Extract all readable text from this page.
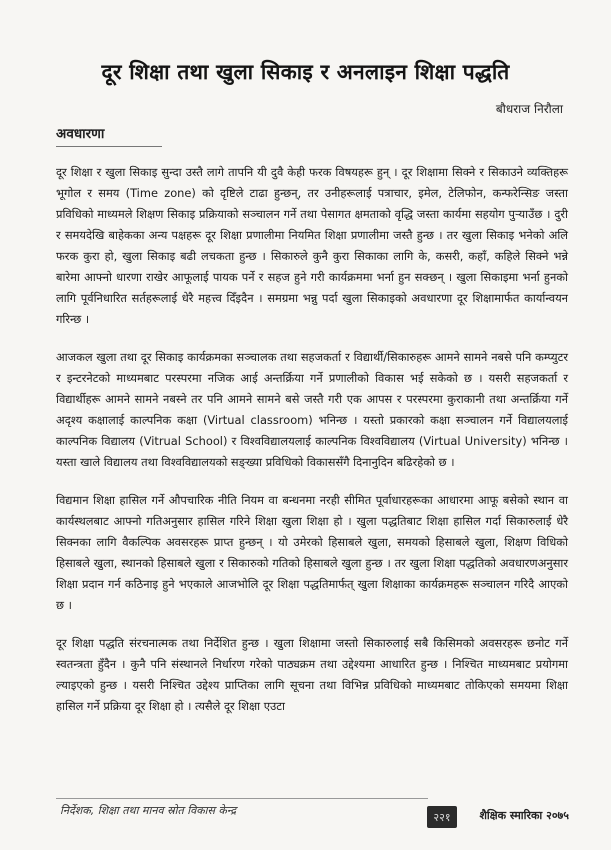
दूर शिक्षा तथा खुला सिकाइ र अनलाइन शिक्षा पद्धति
बौधराज निरौला
अवधारणा

दूर शिक्षा र खुला सिकाइ सुन्दा उस्तै लागे तापनि यी दुवै केही फरक विषयहरू हुन् । दूर शिक्षामा सिक्ने र सिकाउने व्यक्तिहरू भूगोल र समय (Time zone) को दृष्टिले टाढा हुन्छन्, तर उनीहरूलाई पत्राचार, इमेल, टेलिफोन, कन्फरेन्सिङ जस्ता प्रविधिको माध्यमले शिक्षण सिकाइ प्रक्रियाको सञ्चालन गर्ने तथा पेसागत क्षमताको वृद्धि जस्ता कार्यमा सहयोग पुऱ्याउँछ । दुरी र समयदेखि बाहेकका अन्य पक्षहरू दूर शिक्षा प्रणालीमा नियमित शिक्षा प्रणालीमा जस्तै हुन्छ । तर खुला सिकाइ भनेको अलि फरक कुरा हो, खुला सिकाइ बढी लचकता हुन्छ । सिकारुले कुनै कुरा सिकाका लागि के, कसरी, कहाँ, कहिले सिक्ने भन्ने बारेमा आफ्नो धारणा राखेर आफूलाई पायक पर्ने र सहज हुने गरी कार्यक्रममा भर्ना हुन सक्छन् । खुला सिकाइमा भर्ना हुनको लागि पूर्वनिधारित सर्तहरूलाई धेरै महत्त्व दिँइदैन । समग्रमा भन्नु पर्दा खुला सिकाइको अवधारणा दूर शिक्षामार्फत कार्यान्वयन गरिन्छ ।

आजकल खुला तथा दूर सिकाइ कार्यक्रमका सञ्चालक तथा सहजकर्ता र विद्यार्थी/सिकारुहरू आमने सामने नबसे पनि कम्प्युटर र इन्टरनेटको माध्यमबाट परस्परमा नजिक आई अन्तर्क्रिया गर्ने प्रणालीको विकास भई सकेको छ । यसरी सहजकर्ता र विद्यार्थीहरू आमने सामने नबस्ने तर पनि आमने सामने बसे जस्तै गरी एक आपस र परस्परमा कुराकानी तथा अन्तर्क्रिया गर्ने अदृश्य कक्षालाई काल्पनिक कक्षा (Virtual classroom) भनिन्छ । यस्तो प्रकारको कक्षा सञ्चालन गर्ने विद्यालयलाई काल्पनिक विद्यालय (Vitrual School) र विश्वविद्यालयलाई काल्पनिक विश्वविद्यालय (Virtual University) भनिन्छ । यस्ता खाले विद्यालय तथा विश्वविद्यालयको सङ्ख्या प्रविधिको विकाससँगै दिनानुदिन बढिरहेको छ ।

विद्यमान शिक्षा हासिल गर्ने औपचारिक नीति नियम वा बन्धनमा नरही सीमित पूर्वाधारहरूका आधारमा आफू बसेको स्थान वा कार्यस्थलबाट आफ्नो गतिअनुसार हासिल गरिने शिक्षा खुला शिक्षा हो । खुला पद्धतिबाट शिक्षा हासिल गर्दा सिकारुलाई धेरै सिक्नका लागि वैकल्पिक अवसरहरू प्राप्त हुन्छन् । यो उमेरको हिसाबले खुला, समयको हिसाबले खुला, शिक्षण विधिको हिसाबले खुला, स्थानको हिसाबले खुला र सिकारुको गतिको हिसाबले खुला हुन्छ । तर खुला शिक्षा पद्धतिको अवधारणअनुसार शिक्षा प्रदान गर्न कठिनाइ हुने भएकाले आजभोलि दूर शिक्षा पद्धतिमार्फत् खुला शिक्षाका कार्यक्रमहरू सञ्चालन गरिदै आएको छ ।

दूर शिक्षा पद्धति संरचनात्मक तथा निर्देशित हुन्छ । खुला शिक्षामा जस्तो सिकारुलाई सबै किसिमको अवसरहरू छनोट गर्ने स्वतन्त्रता हुँदैन । कुनै पनि संस्थानले निर्धारण गरेको पाठ्यक्रम तथा उद्देश्यमा आधारित हुन्छ । निश्चित माध्यमबाट प्रयोगमा ल्याइएको हुन्छ । यसरी निश्चित उद्देश्य प्राप्तिका लागि सूचना तथा विभिन्न प्रविधिको माध्यमबाट तोकिएको समयमा शिक्षा हासिल गर्ने प्रक्रिया दूर शिक्षा हो । त्यसैले दूर शिक्षा एउटा

निर्देशक, शिक्षा तथा मानव स्रोत विकास केन्द्र	२२१	शैक्षिक स्मारिका २०७५
